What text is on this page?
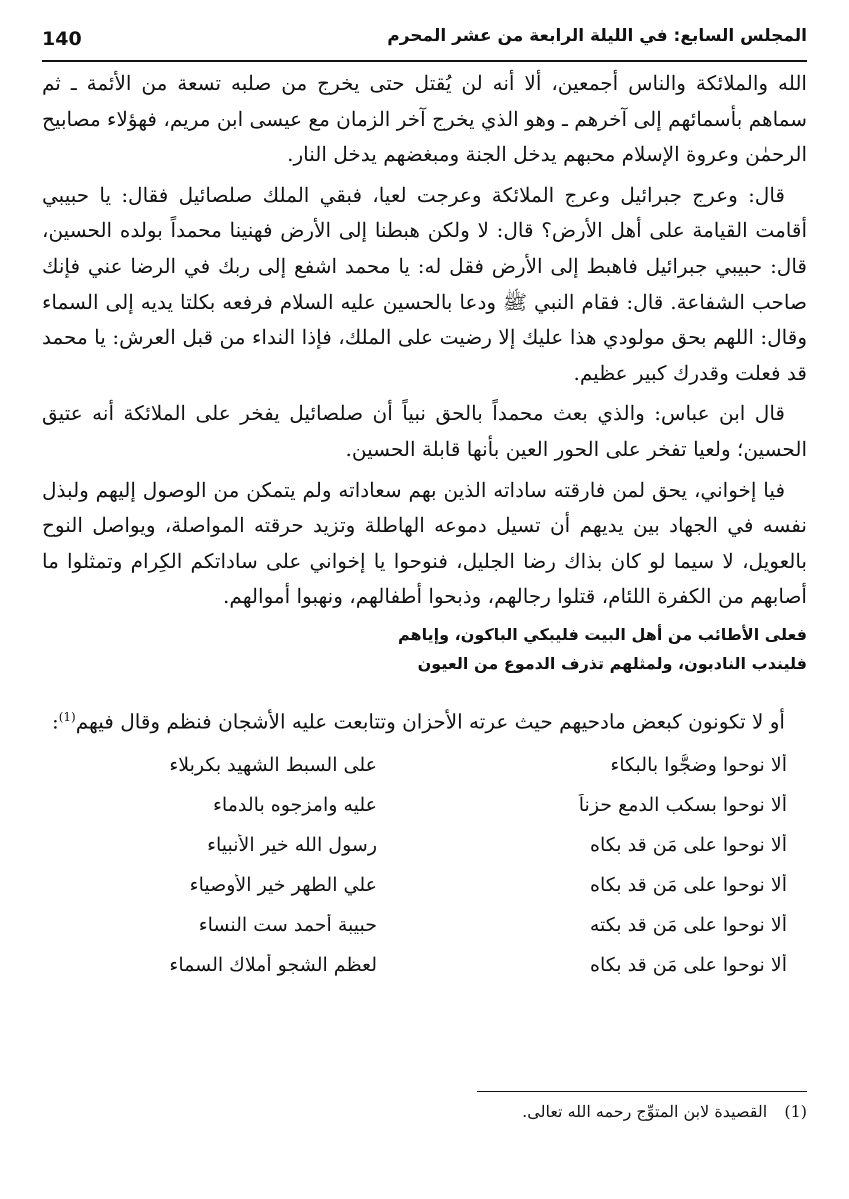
140	المجلس السابع: في الليلة الرابعة من عشر المحرم

الله والملائكة والناس أجمعين، ألا أنه لن يُقتل حتى يخرج من صلبه تسعة من الأئمة ـ ثم سماهم بأسمائهم إلى آخرهم ـ وهو الذي يخرج آخر الزمان مع عيسى ابن مريم، فهؤلاء مصابيح الرحمٰن وعروة الإسلام محبهم يدخل الجنة ومبغضهم يدخل النار.

قال: وعرج جبرائيل وعرج الملائكة وعرجت لعيا، فبقي الملك صلصائيل فقال: يا حبيبي أقامت القيامة على أهل الأرض؟ قال: لا ولكن هبطنا إلى الأرض فهنينا محمداً بولده الحسين، قال: حبيبي جبرائيل فاهبط إلى الأرض فقل له: يا محمد اشفع إلى ربك في الرضا عني فإنك صاحب الشفاعة. قال: فقام النبي ﷺ ودعا بالحسين عليه السلام فرفعه بكلتا يديه إلى السماء وقال: اللهم بحق مولودي هذا عليك إلا رضيت على الملك، فإذا النداء من قبل العرش: يا محمد قد فعلت وقدرك كبير عظيم.

قال ابن عباس: والذي بعث محمداً بالحق نبياً أن صلصائيل يفخر على الملائكة أنه عتيق الحسين؛ ولعيا تفخر على الحور العين بأنها قابلة الحسين.

فيا إخواني، يحق لمن فارقته ساداته الذين بهم سعاداته ولم يتمكن من الوصول إليهم ولبذل نفسه في الجهاد بين يديهم أن تسيل دموعه الهاطلة وتزيد حرقته المواصلة، ويواصل النوح بالعويل، لا سيما لو كان بذاك رضا الجليل، فنوحوا يا إخواني على ساداتكم الكِرام وتمثلوا ما أصابهم من الكفرة اللئام، قتلوا رجالهم، وذبحوا أطفالهم، ونهبوا أموالهم.

فعلى الأطائب من أهل البيت فليبكي الباكون، وإياهم
فليندب النادبون، ولمثلهم تذرف الدموع من العيون

أو لا تكونون كبعض مادحيهم حيث عرته الأحزان وتتابعت عليه الأشجان فنظم وقال فيهم$^{(1)}$:

ألا نوحوا وضجُّوا بالبكاء
على السبط الشهيد بكربلاء
ألا نوحوا بسكب الدمع حزناً
عليه وامزجوه بالدماء
ألا نوحوا على مَن قد بكاه
رسول الله خير الأنبياء
ألا نوحوا على مَن قد بكاه
علي الطهر خير الأوصياء
ألا نوحوا على مَن قد بكته
حبيبة أحمد ست النساء
ألا نوحوا على مَن قد بكاه
لعظم الشجو أملاك السماء
(1) القصيدة لابن المتوِّج رحمه الله تعالى.
